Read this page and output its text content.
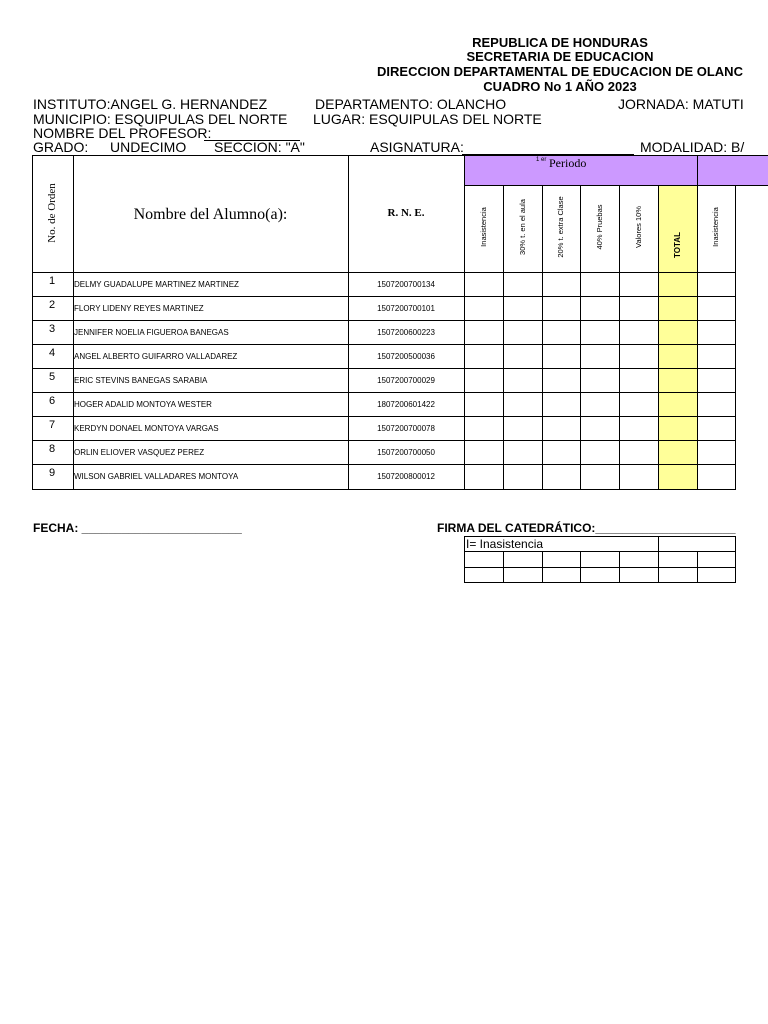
REPUBLICA DE HONDURAS
SECRETARIA DE EDUCACION
DIRECCION DEPARTAMENTAL DE EDUCACION DE OLANC
CUADRO No 1 AÑO 2023
INSTITUTO:ANGEL G. HERNANDEZ	DEPARTAMENTO: OLANCHO	JORNADA: MATUTI
MUNICIPIO: ESQUIPULAS DEL NORTE LUGAR: ESQUIPULAS DEL NORTE
NOMBRE DEL PROFESOR:
GRADO: UNDECIMO SECCION: "A"	ASIGNATURA:	MODALIDAD: B/
No. de Orden	Nombre del Alumno(a):	R. N. E.
1 er Periodo
Inasistencia	30% t. en el aula	20% t. extra Clase	40% Pruebas	Valores 10%	TOTAL	Inasistencia
1	DELMY GUADALUPE MARTINEZ MARTINEZ	1507200700134
2	FLORY LIDENY REYES MARTINEZ	1507200700101
3	JENNIFER NOELIA FIGUEROA BANEGAS	1507200600223
4	ANGEL ALBERTO GUIFARRO VALLADAREZ	1507200500036
5	ERIC STEVINS BANEGAS SARABIA	1507200700029
6	HOGER ADALID MONTOYA WESTER	1807200601422
7	KERDYN DONAEL MONTOYA VARGAS	1507200700078
8	ORLIN ELIOVER VASQUEZ PEREZ	1507200700050
9	WILSON GABRIEL VALLADARES MONTOYA	1507200800012
FECHA: ________________________	FIRMA DEL CATEDRÁTICO:_____________________
I= Inasistencia
